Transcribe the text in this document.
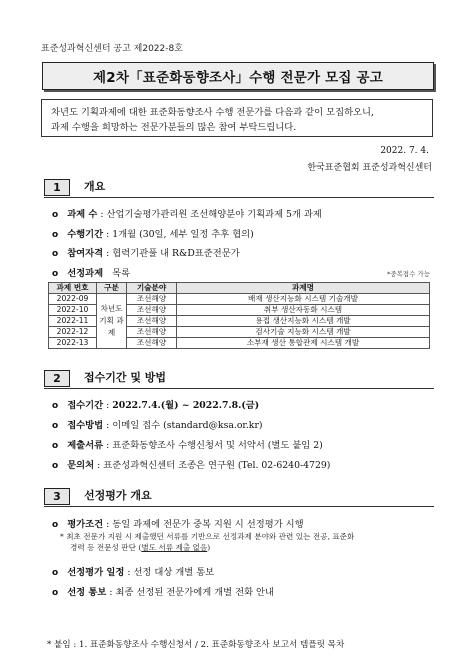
표준성과혁신센터 공고 제2022-8호
제2차「표준화동향조사」수행 전문가 모집 공고
차년도 기획과제에 대한 표준화동향조사 수행 전문가를 다음과 같이 모집하오니,
과제 수행을 희망하는 전문가분들의 많은 참여 부탁드립니다.
2022. 7. 4.
한국표준협회 표준성과혁신센터
1	개요
o 과제 수 : 산업기술평가관리원 조선해양분야 기획과제 5개 과제
o 수행기간 : 1개월 (30일, 세부 일정 추후 협의)
o 참여자격 : 협력기관풀 내 R&D표준전문가
o 선정과제
목록	*중복접수 가능
과제 번호	구분	기술분야	과제명
2022-09	차년도 기획 과제	조선해양	배재 생산지능화 시스템 기술개발
2022-10		조선해양	취부 생산자동화 시스템
2022-11		조선해양	용접 생산지능화 시스템 개발
2022-12		조선해양	검사기술 지능화 시스템 개발
2022-13		조선해양	소부재 생산 통합관제 시스템 개발
2	접수기간 및 방법
o 접수기간 : 2022.7.4.(월) ~ 2022.7.8.(금)
o 접수방법 : 이메일 접수 (standard@ksa.or.kr)
o 제출서류 : 표준화동향조사 수행신청서 및 서약서 (별도 붙임 2)
o 문의처 : 표준성과혁신센터 조종은 연구원 (Tel. 02-6240-4729)
3	선정평가 개요
o 평가조건 : 동일 과제에 전문가 중복 지원 시 선정평가 시행
* 최초 전문가 지원 시 제출했던 서류를 기반으로 선정과제 분야와 관련 있는 전공, 표준화
경력 등 전문성 판단 (별도 서류 제출 없음)
o 선정평가 일정 : 선정 대상 개별 통보
o 선정 통보 : 최종 선정된 전문가에게 개별 전화 안내
* 붙임 : 1. 표준화동향조사 수행신청서 / 2. 표준화동향조사 보고서 템플릿 목차
